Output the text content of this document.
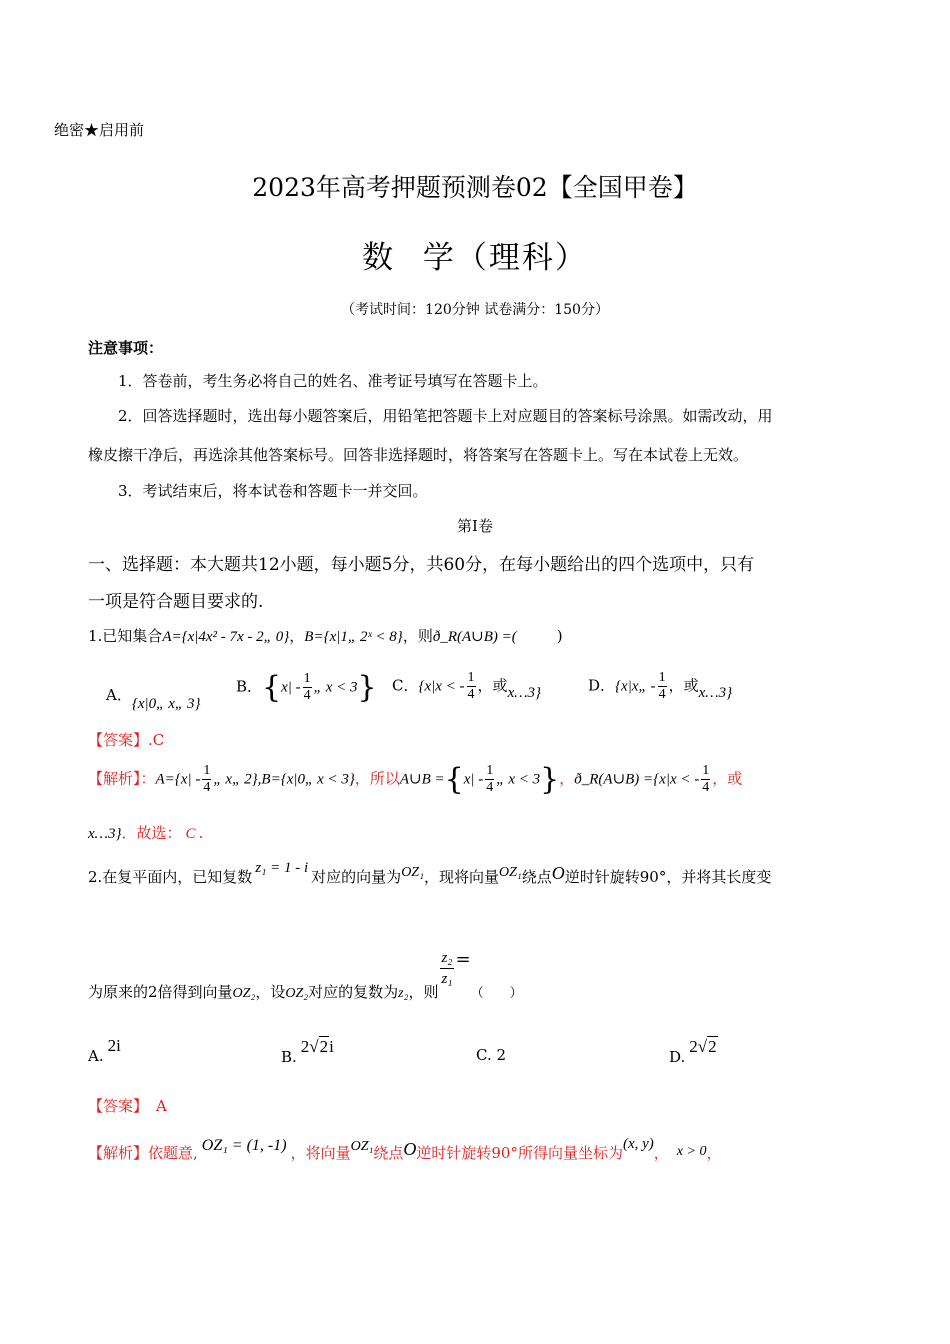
绝密★启用前
2023年高考押题预测卷02【全国甲卷】
数 学（理科）
（考试时间：120分钟 试卷满分：150分）
注意事项：
1．答卷前，考生务必将自己的姓名、准考证号填写在答题卡上。
2．回答选择题时，选出每小题答案后，用铅笔把答题卡上对应题目的答案标号涂黑。如需改动，用
橡皮擦干净后，再选涂其他答案标号。回答非选择题时，将答案写在答题卡上。写在本试卷上无效。
3．考试结束后，将本试卷和答题卡一并交回。
第Ⅰ卷
一、选择题：本大题共12小题，每小题5分，共60分，在每小题给出的四个选项中，只有
一项是符合题目要求的.
1.已知集合A={x|4x² - 7x - 2„ 0}，B={x|1„ 2ˣ < 8}，则ð_R(A∪B) =(	)
A．{x|0„ x„ 3}
B．{$x| - \frac{1}{4}$ „ x < 3} C．{x|x < - $\frac{1}{4}$ ，或x…3}	D．{x|x„ - $\frac{1}{4}$ ，或x…3}
【答案】.C
【解析】：$A=\{x| - \frac{1}{4}$ „ x„ 2},B={x|0„ x < 3}，所以A∪B $=\{x| - \frac{1}{4}$ „ x < 3}，ð_R(A∪B) ={x|x < - $\frac{1}{4}$ ，或
x…3}．故选： C .
2.在复平面内，已知复数 z₁ = 1 - i 对应的向量为OZ₁，现将向量OZ₁绕点O逆时针旋转90°，并将其长度变
为原来的2倍得到向量OZ₂，设OZ₂对应的复数为z₂，则
$\frac{\text{z₂}}{\text{z₁}}$ =（　　）
A.2i
B.2√2i	C. 2	D.2√2
【答案】 A
【解析】依题意, OZ₁ = (1, -1) ，将向量OZ₁绕点O逆时针旋转90°所得向量坐标为(x, y)， x > 0，
